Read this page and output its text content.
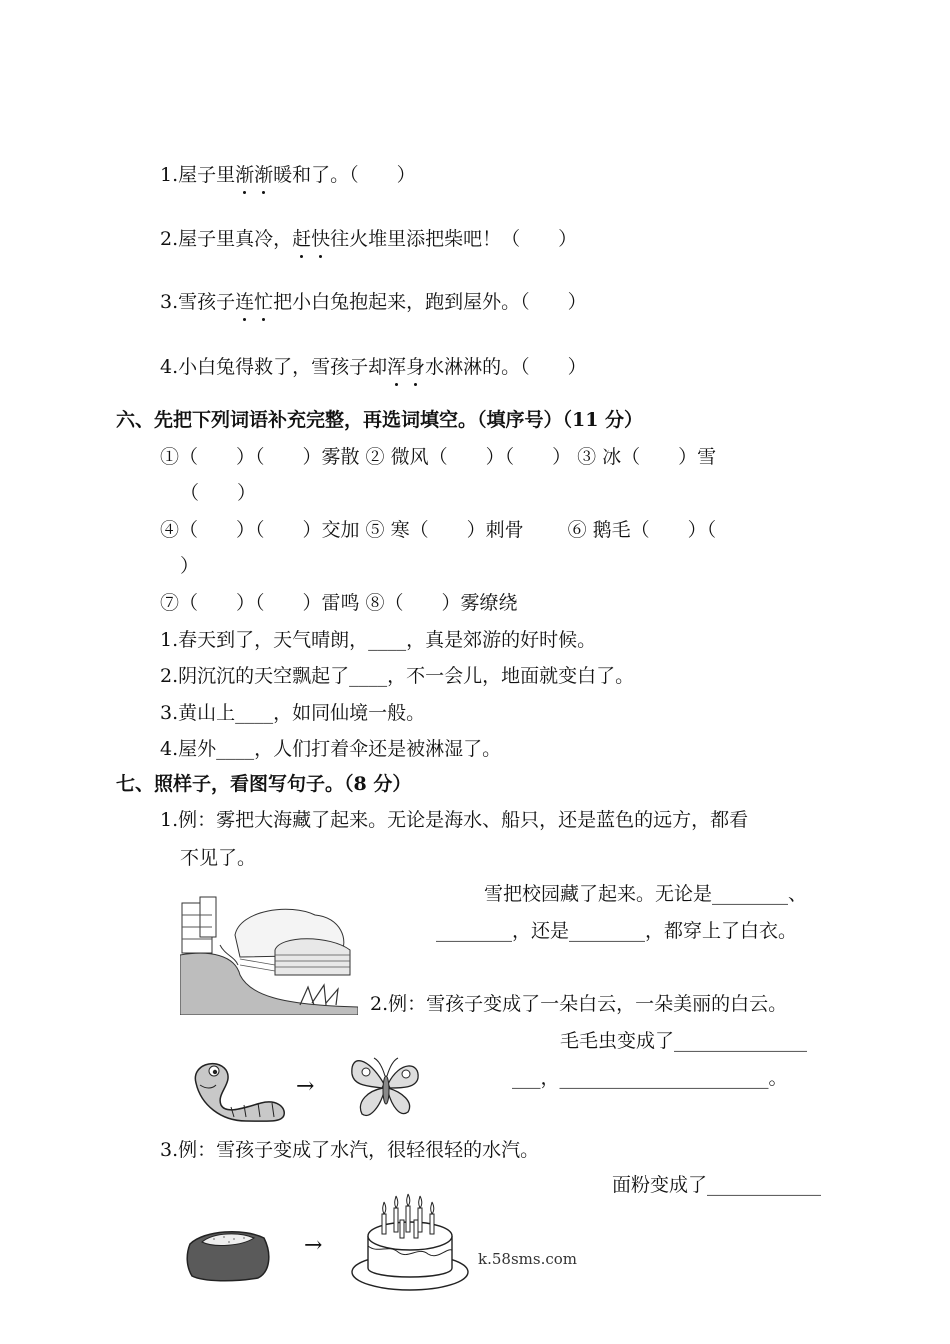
1.屋子里渐渐暖和了。（　　）
2.屋子里真冷，赶快往火堆里添把柴吧！（　　）
3.雪孩子连忙把小白兔抱起来，跑到屋外。（　　）
4.小白兔得救了，雪孩子却浑身水淋淋的。（　　）
六、先把下列词语补充完整，再选词填空。（填序号）（11 分）
①（　　）（　　）雾散 ② 微风（　　）（　　） ③ 冰（　　）雪
（　　）
④（　　）（　　）交加 ⑤ 寒（　　）刺骨　　 ⑥ 鹅毛（　　）（
）
⑦（　　）（　　）雷鸣 ⑧（　　）雾缭绕
1.春天到了，天气晴朗，____，真是郊游的好时候。
2.阴沉沉的天空飘起了____，不一会儿，地面就变白了。
3.黄山上____，如同仙境一般。
4.屋外____，人们打着伞还是被淋湿了。
七、照样子，看图写句子。（8 分）
1.例：雾把大海藏了起来。无论是海水、船只，还是蓝色的远方，都看
不见了。
雪把校园藏了起来。无论是________、
________，还是________，都穿上了白衣。
2.例：雪孩子变成了一朵白云，一朵美丽的白云。
毛毛虫变成了______________
___，______________________。
→
3.例：雪孩子变成了水汽，很轻很轻的水汽。
面粉变成了____________
→
k.58sms.com
